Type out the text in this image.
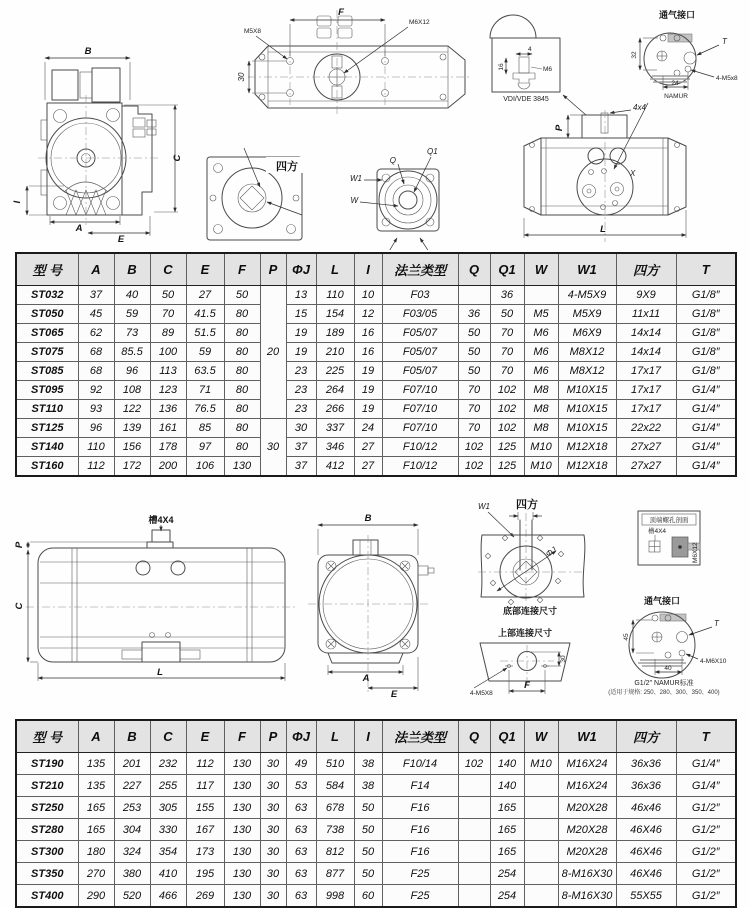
B
C
I
A
E
F
M5X8
M6X12
30
四方
Q
Q1
W1
W
4
16	M6
VDI/VDE 3845
通气接口
32
24
NAMUR
T
4-M5x8
4x4
P
X
L
型 号	A	B	C	E	F	P	ΦJ	L	I	法兰类型	Q	Q1	W	W1	四方	T
ST032	37	40	50	27	50	20	13	110	10	F03		36		4-M5X9	9X9	G1/8″
ST050	45	59	70	41.5	80		15	154	12	F03/05	36	50	M5	M5X9	11x11	G1/8″
ST065	62	73	89	51.5	80		19	189	16	F05/07	50	70	M6	M6X9	14x14	G1/8″
ST075	68	85.5	100	59	80		19	210	16	F05/07	50	70	M6	M8X12	14x14	G1/8″
ST085	68	96	113	63.5	80		23	225	19	F05/07	50	70	M6	M8X12	17x17	G1/8″
ST095	92	108	123	71	80		23	264	19	F07/10	70	102	M8	M10X15	17x17	G1/4″
ST110	93	122	136	76.5	80		23	266	19	F07/10	70	102	M8	M10X15	17x17	G1/4″
ST125	96	139	161	85	80	30	30	337	24	F07/10	70	102	M8	M10X15	22x22	G1/4″
ST140	110	156	178	97	80		37	346	27	F10/12	102	125	M10	M12X18	27x27	G1/4″
ST160	112	172	200	106	130		37	412	27	F10/12	102	125	M10	M12X18	27x27	G1/4″
槽4X4
P
C
L
B
A
E
W1 四方
ΦJ
底部连接尺寸
上部连接尺寸
30
4-M5X8
F
顶端螺孔剖面
槽4X4
M6X12
通气接口
45
T
4-M6X10
40
G1/2″ NAMUR标准
(适用于规格: 250、280、300、350、400)
型 号	A	B	C	E	F	P	ΦJ	L	I	法兰类型	Q	Q1	W	W1	四方	T
ST190	135	201	232	112	130	30	49	510	38	F10/14	102	140	M10	M16X24	36x36	G1/4″
ST210	135	227	255	117	130	30	53	584	38	F14		140		M16X24	36x36	G1/4″
ST250	165	253	305	155	130	30	63	678	50	F16		165		M20X28	46x46	G1/2″
ST280	165	304	330	167	130	30	63	738	50	F16		165		M20X28	46X46	G1/2″
ST300	180	324	354	173	130	30	63	812	50	F16		165		M20X28	46X46	G1/2″
ST350	270	380	410	195	130	30	63	877	50	F25		254		8-M16X30	46X46	G1/2″
ST400	290	520	466	269	130	30	63	998	60	F25		254		8-M16X30	55X55	G1/2″
